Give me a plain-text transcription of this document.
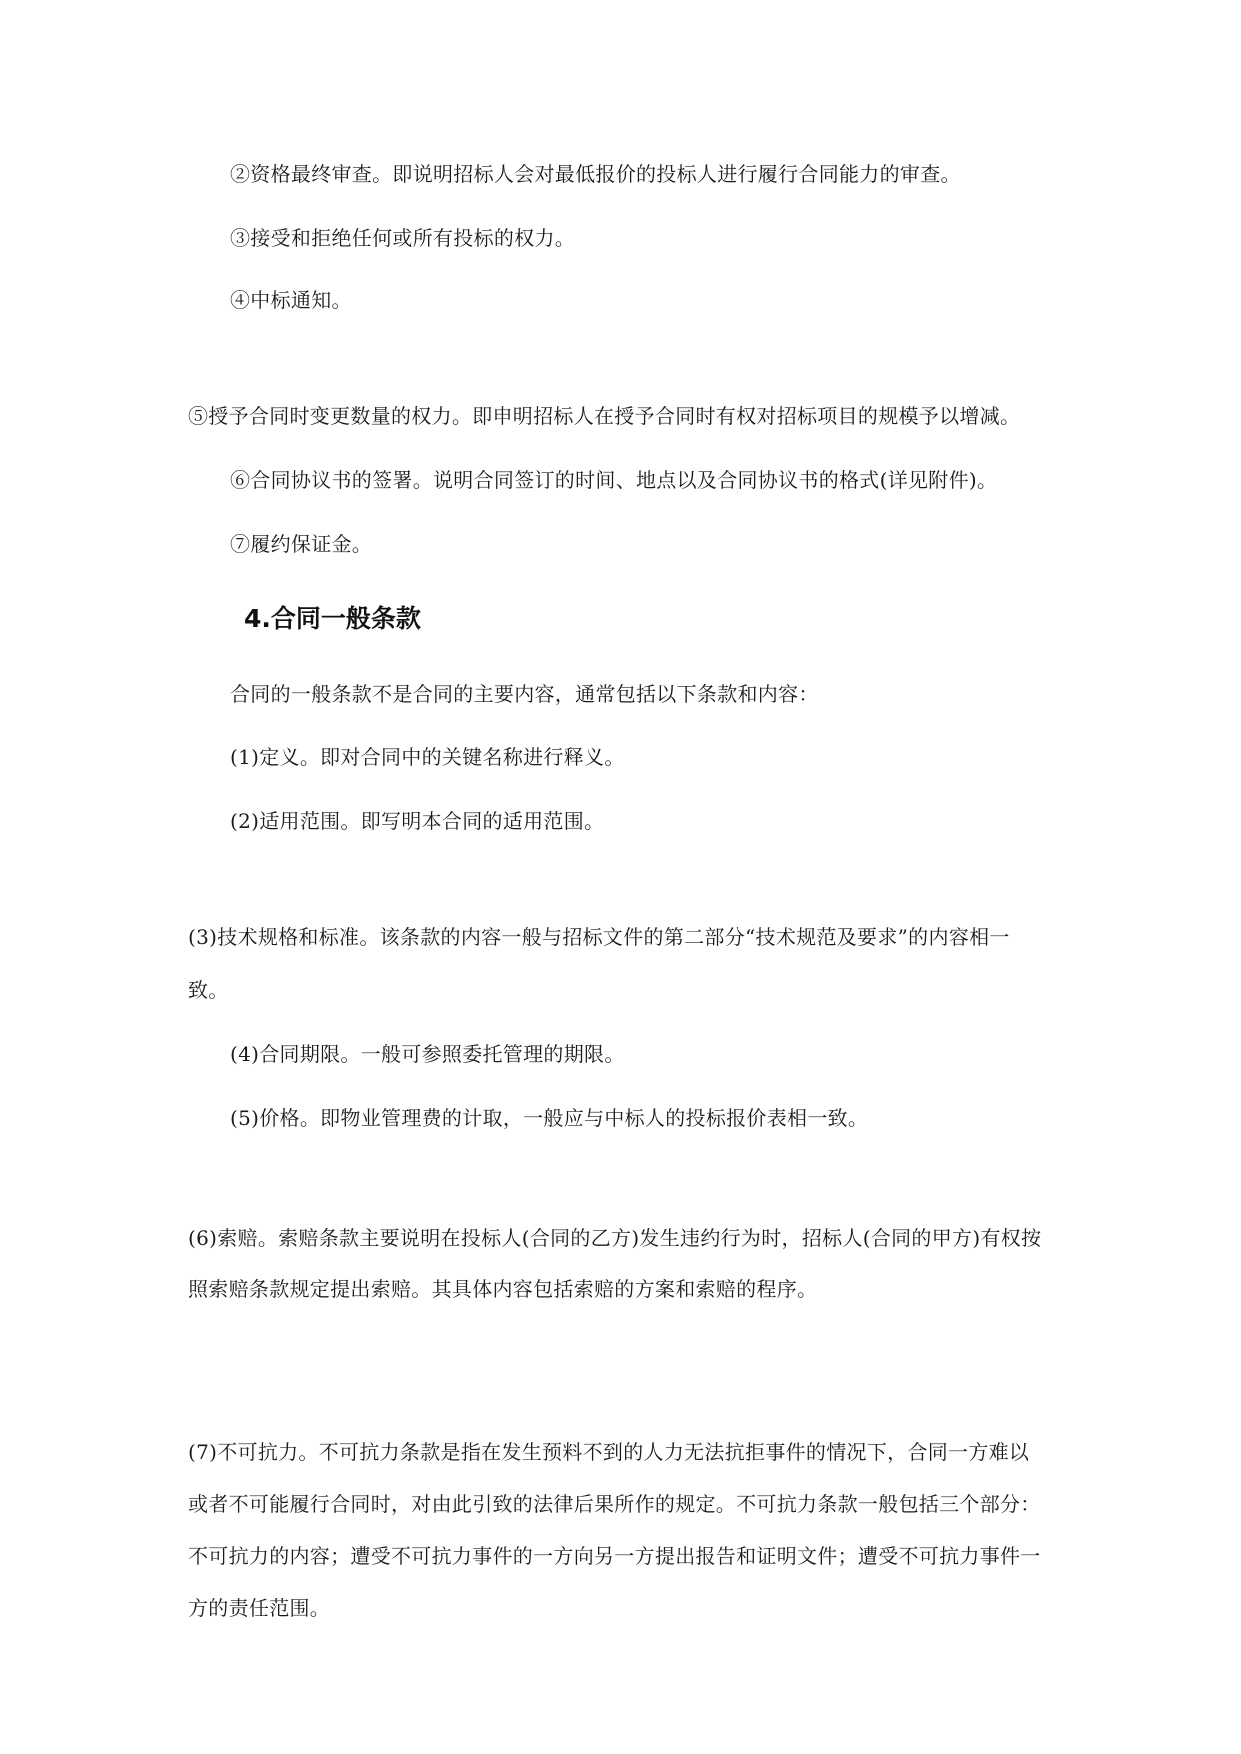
②资格最终审查。即说明招标人会对最低报价的投标人进行履行合同能力的审查。
③接受和拒绝任何或所有投标的权力。
④中标通知。
⑤授予合同时变更数量的权力。即申明招标人在授予合同时有权对招标项目的规模予以增减。
⑥合同协议书的签署。说明合同签订的时间、地点以及合同协议书的格式(详见附件)。
⑦履约保证金。
4.合同一般条款
合同的一般条款不是合同的主要内容，通常包括以下条款和内容：
(1)定义。即对合同中的关键名称进行释义。
(2)适用范围。即写明本合同的适用范围。
(3)技术规格和标准。该条款的内容一般与招标文件的第二部分“技术规范及要求”的内容相一
致。
(4)合同期限。一般可参照委托管理的期限。
(5)价格。即物业管理费的计取，一般应与中标人的投标报价表相一致。
(6)索赔。索赔条款主要说明在投标人(合同的乙方)发生违约行为时，招标人(合同的甲方)有权按
照索赔条款规定提出索赔。其具体内容包括索赔的方案和索赔的程序。
(7)不可抗力。不可抗力条款是指在发生预料不到的人力无法抗拒事件的情况下，合同一方难以
或者不可能履行合同时，对由此引致的法律后果所作的规定。不可抗力条款一般包括三个部分：
不可抗力的内容；遭受不可抗力事件的一方向另一方提出报告和证明文件；遭受不可抗力事件一
方的责任范围。
